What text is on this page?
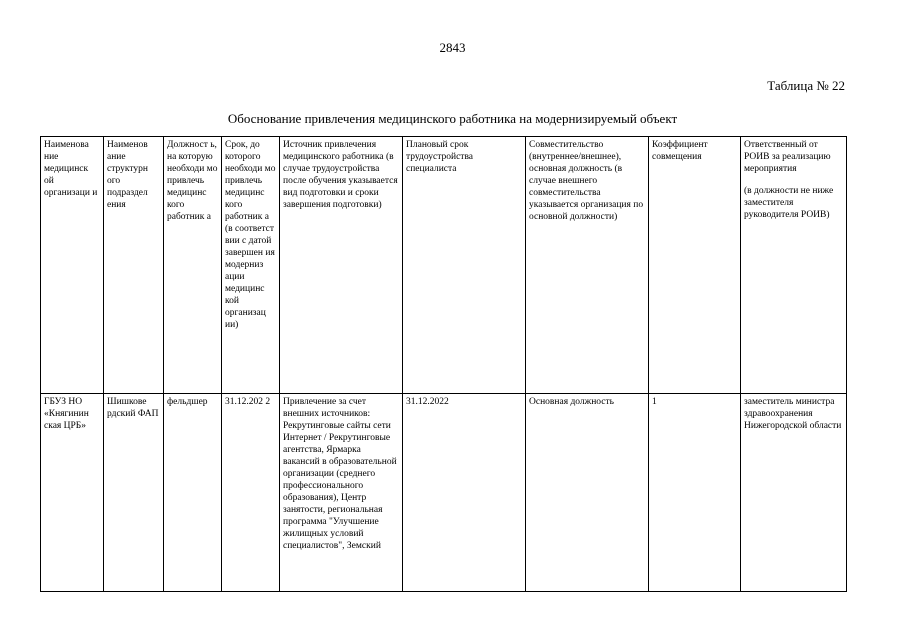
2843
Таблица № 22
Обоснование привлечения медицинского работника на модернизируемый объект
Наименова ние медицинск ой организаци и	Наименов ание структурн ого подраздел ения	Должност ь, на которую необходи мо привлечь медицинс кого работник а	Срок, до которого необходи мо привлечь медицинс кого работник а (в соответст вии с датой завершен ия модерниз ации медицинс кой организац ии)	Источник привлечения медицинского работника (в случае трудоустройства после обучения указывается вид подготовки и сроки завершения подготовки)	Плановый срок трудоустройства специалиста	Совместительство (внутреннее/внешнее), основная должность (в случае внешнего совместительства указывается организация по основной должности)	Коэффициент совмещения	Ответственный от РОИВ за реализацию мероприятия

(в должности не ниже заместителя руководителя РОИВ)

ГБУЗ НО «Княгинин ская ЦРБ»	Шишкове рдский ФАП	фельдшер	31.12.202 2	Привлечение за счет внешних источников: Рекрутинговые сайты сети Интернет / Рекрутинговые агентства, Ярмарка вакансий в образовательной организации (среднего профессионального образования), Центр занятости, региональная программа "Улучшение жилищных условий специалистов", Земский	31.12.2022	Основная должность	1	заместитель министра здравоохранения Нижегородской области
